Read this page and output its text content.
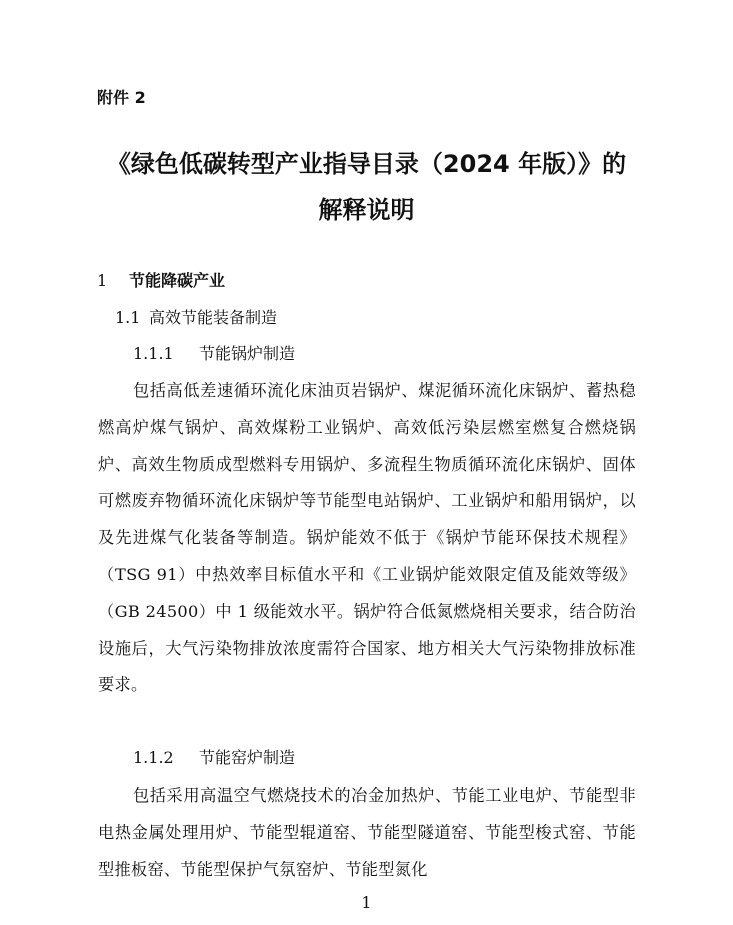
附件 2
《绿色低碳转型产业指导目录（2024 年版）》的
解释说明
1 节能降碳产业
1.1 高效节能装备制造
1.1.1 节能锅炉制造

包括高低差速循环流化床油页岩锅炉、煤泥循环流化床锅炉、蓄热稳燃高炉煤气锅炉、高效煤粉工业锅炉、高效低污染层燃室燃复合燃烧锅炉、高效生物质成型燃料专用锅炉、多流程生物质循环流化床锅炉、固体可燃废弃物循环流化床锅炉等节能型电站锅炉、工业锅炉和船用锅炉，以及先进煤气化装备等制造。锅炉能效不低于《锅炉节能环保技术规程》（TSG 91）中热效率目标值水平和《工业锅炉能效限定值及能效等级》（GB 24500）中 1 级能效水平。锅炉符合低氮燃烧相关要求，结合防治设施后，大气污染物排放浓度需符合国家、地方相关大气污染物排放标准要求。

1.1.2 节能窑炉制造

包括采用高温空气燃烧技术的冶金加热炉、节能工业电炉、节能型非电热金属处理用炉、节能型辊道窑、节能型隧道窑、节能型梭式窑、节能型推板窑、节能型保护气氛窑炉、节能型氮化

1
